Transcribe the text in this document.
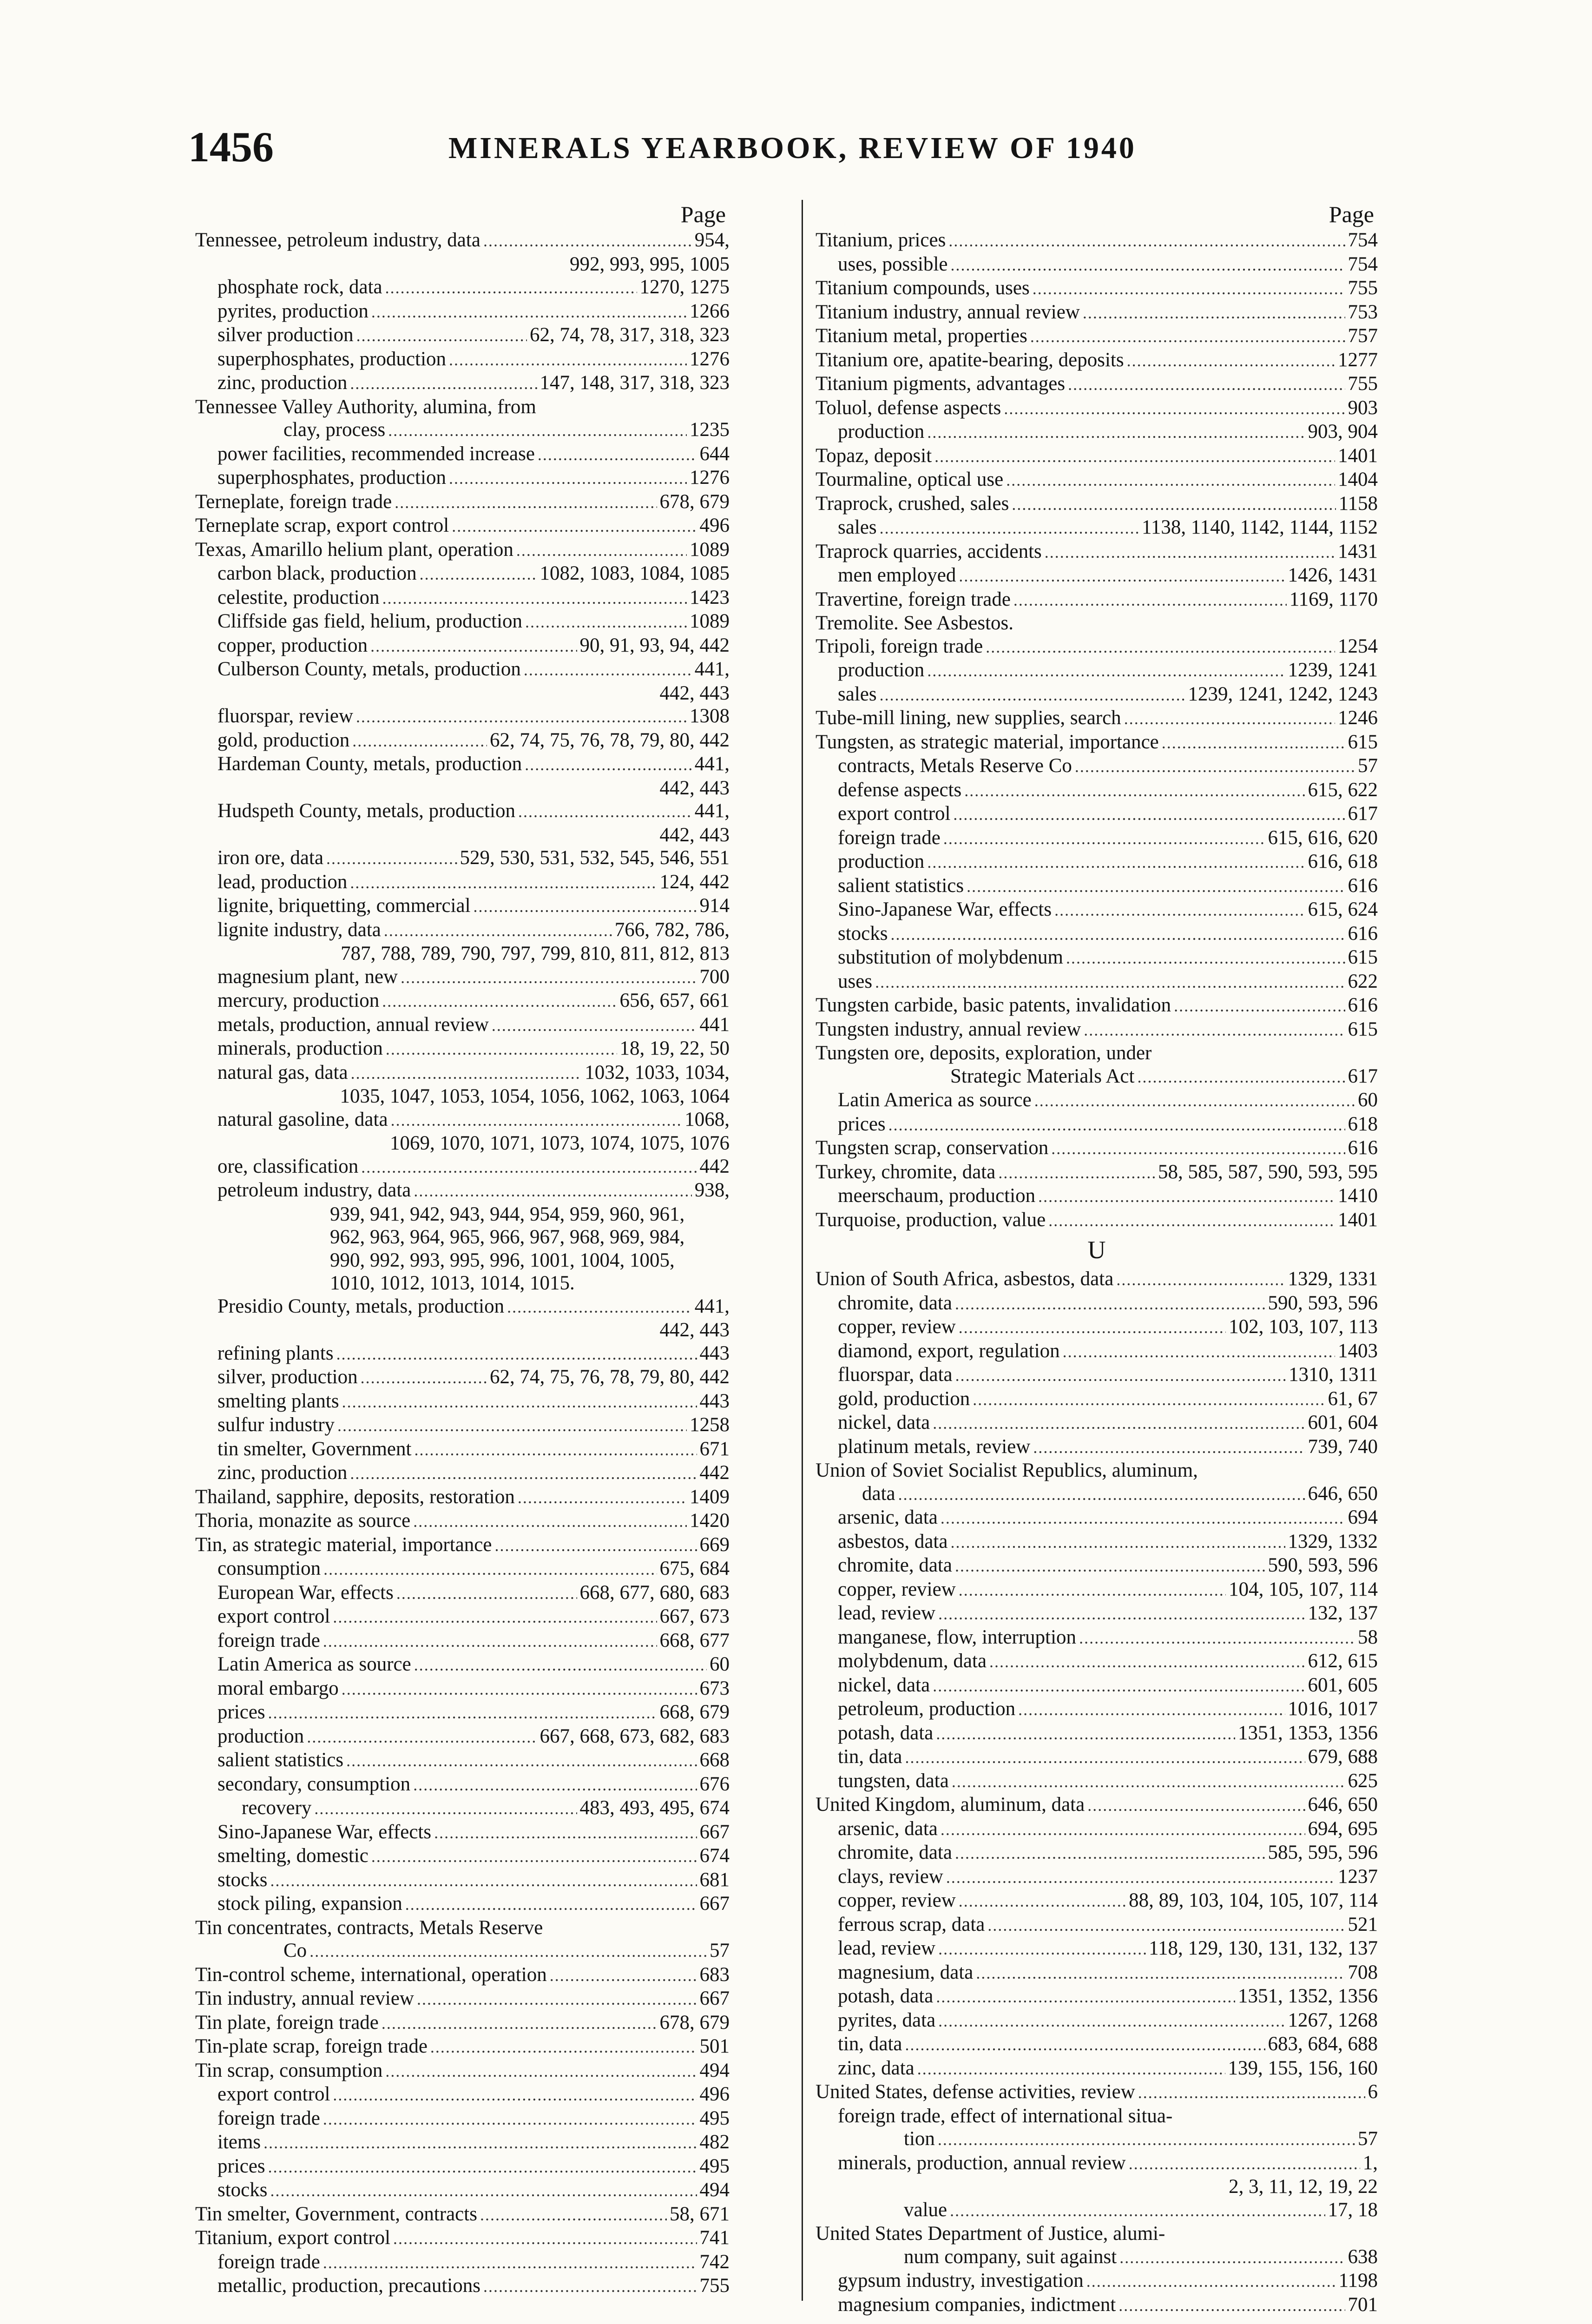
1456	MINERALS YEARBOOK, REVIEW OF 1940
Page
Tennessee, petroleum industry, data .....	954,
992, 993, 995, 1005
phosphate rock, data .....	1270, 1275
pyrites, production .....	1266
silver production .....	62, 74, 78, 317, 318, 323
superphosphates, production .....	1276
zinc, production .....	147, 148, 317, 318, 323
Tennessee Valley Authority, alumina, from
clay, process .....	1235
power facilities, recommended increase .....	644
superphosphates, production .....	1276
Terneplate, foreign trade .....	678, 679
Terneplate scrap, export control .....	496
Texas, Amarillo helium plant, operation .....	1089
carbon black, production .....	1082, 1083, 1084, 1085
celestite, production .....	1423
Cliffside gas field, helium, production .....	1089
copper, production .....	90, 91, 93, 94, 442
Culberson County, metals, production .....	441,
442, 443
fluorspar, review .....	1308
gold, production .....	62, 74, 75, 76, 78, 79, 80, 442
Hardeman County, metals, production .....	441,
442, 443
Hudspeth County, metals, production .....	441,
442, 443
iron ore, data .....	529, 530, 531, 532, 545, 546, 551
lead, production .....	124, 442
lignite, briquetting, commercial .....	914
lignite industry, data .....	766, 782, 786,
787, 788, 789, 790, 797, 799, 810, 811, 812, 813
magnesium plant, new .....	700
mercury, production .....	656, 657, 661
metals, production, annual review .....	441
minerals, production .....	18, 19, 22, 50
natural gas, data .....	1032, 1033, 1034,
1035, 1047, 1053, 1054, 1056, 1062, 1063, 1064
natural gasoline, data .....	1068,
1069, 1070, 1071, 1073, 1074, 1075, 1076
ore, classification .....	442
petroleum industry, data .....	938,
939, 941, 942, 943, 944, 954, 959, 960, 961,
962, 963, 964, 965, 966, 967, 968, 969, 984,
990, 992, 993, 995, 996, 1001, 1004, 1005,
1010, 1012, 1013, 1014, 1015.
Presidio County, metals, production .....	441,
442, 443
refining plants .....	443
silver, production .....	62, 74, 75, 76, 78, 79, 80, 442
smelting plants .....	443
sulfur industry .....	1258
tin smelter, Government .....	671
zinc, production .....	442
Thailand, sapphire, deposits, restoration .....	1409
Thoria, monazite as source .....	1420
Tin, as strategic material, importance .....	669
consumption .....	675, 684
European War, effects .....	668, 677, 680, 683
export control .....	667, 673
foreign trade .....	668, 677
Latin America as source .....	60
moral embargo .....	673
prices .....	668, 679
production .....	667, 668, 673, 682, 683
salient statistics .....	668
secondary, consumption .....	676
recovery .....	483, 493, 495, 674
Sino-Japanese War, effects .....	667
smelting, domestic .....	674
stocks .....	681
stock piling, expansion .....	667
Tin concentrates, contracts, Metals Reserve
Co .....	57
Tin-control scheme, international, operation .....	683
Tin industry, annual review .....	667
Tin plate, foreign trade .....	678, 679
Tin-plate scrap, foreign trade .....	501
Tin scrap, consumption .....	494
export control .....	496
foreign trade .....	495
items .....	482
prices .....	495
stocks .....	494
Tin smelter, Government, contracts .....	58, 671
Titanium, export control .....	741
foreign trade .....	742
metallic, production, precautions .....	755
Page
Titanium, prices .....	754
uses, possible .....	754
Titanium compounds, uses .....	755
Titanium industry, annual review .....	753
Titanium metal, properties .....	757
Titanium ore, apatite-bearing, deposits .....	1277
Titanium pigments, advantages .....	755
Toluol, defense aspects .....	903
production .....	903, 904
Topaz, deposit .....	1401
Tourmaline, optical use .....	1404
Traprock, crushed, sales .....	1158
sales .....	1138, 1140, 1142, 1144, 1152
Traprock quarries, accidents .....	1431
men employed .....	1426, 1431
Travertine, foreign trade .....	1169, 1170
Tremolite. See Asbestos.
Tripoli, foreign trade .....	1254
production .....	1239, 1241
sales .....	1239, 1241, 1242, 1243
Tube-mill lining, new supplies, search .....	1246
Tungsten, as strategic material, importance .....	615
contracts, Metals Reserve Co .....	57
defense aspects .....	615, 622
export control .....	617
foreign trade .....	615, 616, 620
production .....	616, 618
salient statistics .....	616
Sino-Japanese War, effects .....	615, 624
stocks .....	616
substitution of molybdenum .....	615
uses .....	622
Tungsten carbide, basic patents, invalidation .....	616
Tungsten industry, annual review .....	615
Tungsten ore, deposits, exploration, under
Strategic Materials Act .....	617
Latin America as source .....	60
prices .....	618
Tungsten scrap, conservation .....	616
Turkey, chromite, data .....	58, 585, 587, 590, 593, 595
meerschaum, production .....	1410
Turquoise, production, value .....	1401
U
Union of South Africa, asbestos, data .....	1329, 1331
chromite, data .....	590, 593, 596
copper, review .....	102, 103, 107, 113
diamond, export, regulation .....	1403
fluorspar, data .....	1310, 1311
gold, production .....	61, 67
nickel, data .....	601, 604
platinum metals, review .....	739, 740
Union of Soviet Socialist Republics, aluminum,
data .....	646, 650
arsenic, data .....	694
asbestos, data .....	1329, 1332
chromite, data .....	590, 593, 596
copper, review .....	104, 105, 107, 114
lead, review .....	132, 137
manganese, flow, interruption .....	58
molybdenum, data .....	612, 615
nickel, data .....	601, 605
petroleum, production .....	1016, 1017
potash, data .....	1351, 1353, 1356
tin, data .....	679, 688
tungsten, data .....	625
United Kingdom, aluminum, data .....	646, 650
arsenic, data .....	694, 695
chromite, data .....	585, 595, 596
clays, review .....	1237
copper, review .....	88, 89, 103, 104, 105, 107, 114
ferrous scrap, data .....	521
lead, review .....	118, 129, 130, 131, 132, 137
magnesium, data .....	708
potash, data .....	1351, 1352, 1356
pyrites, data .....	1267, 1268
tin, data .....	683, 684, 688
zinc, data .....	139, 155, 156, 160
United States, defense activities, review .....	6
foreign trade, effect of international situa-
tion .....	57
minerals, production, annual review .....	1,
2, 3, 11, 12, 19, 22
value .....	17, 18
United States Department of Justice, alumi-
num company, suit against .....	638
gypsum industry, investigation .....	1198
magnesium companies, indictment .....	701
